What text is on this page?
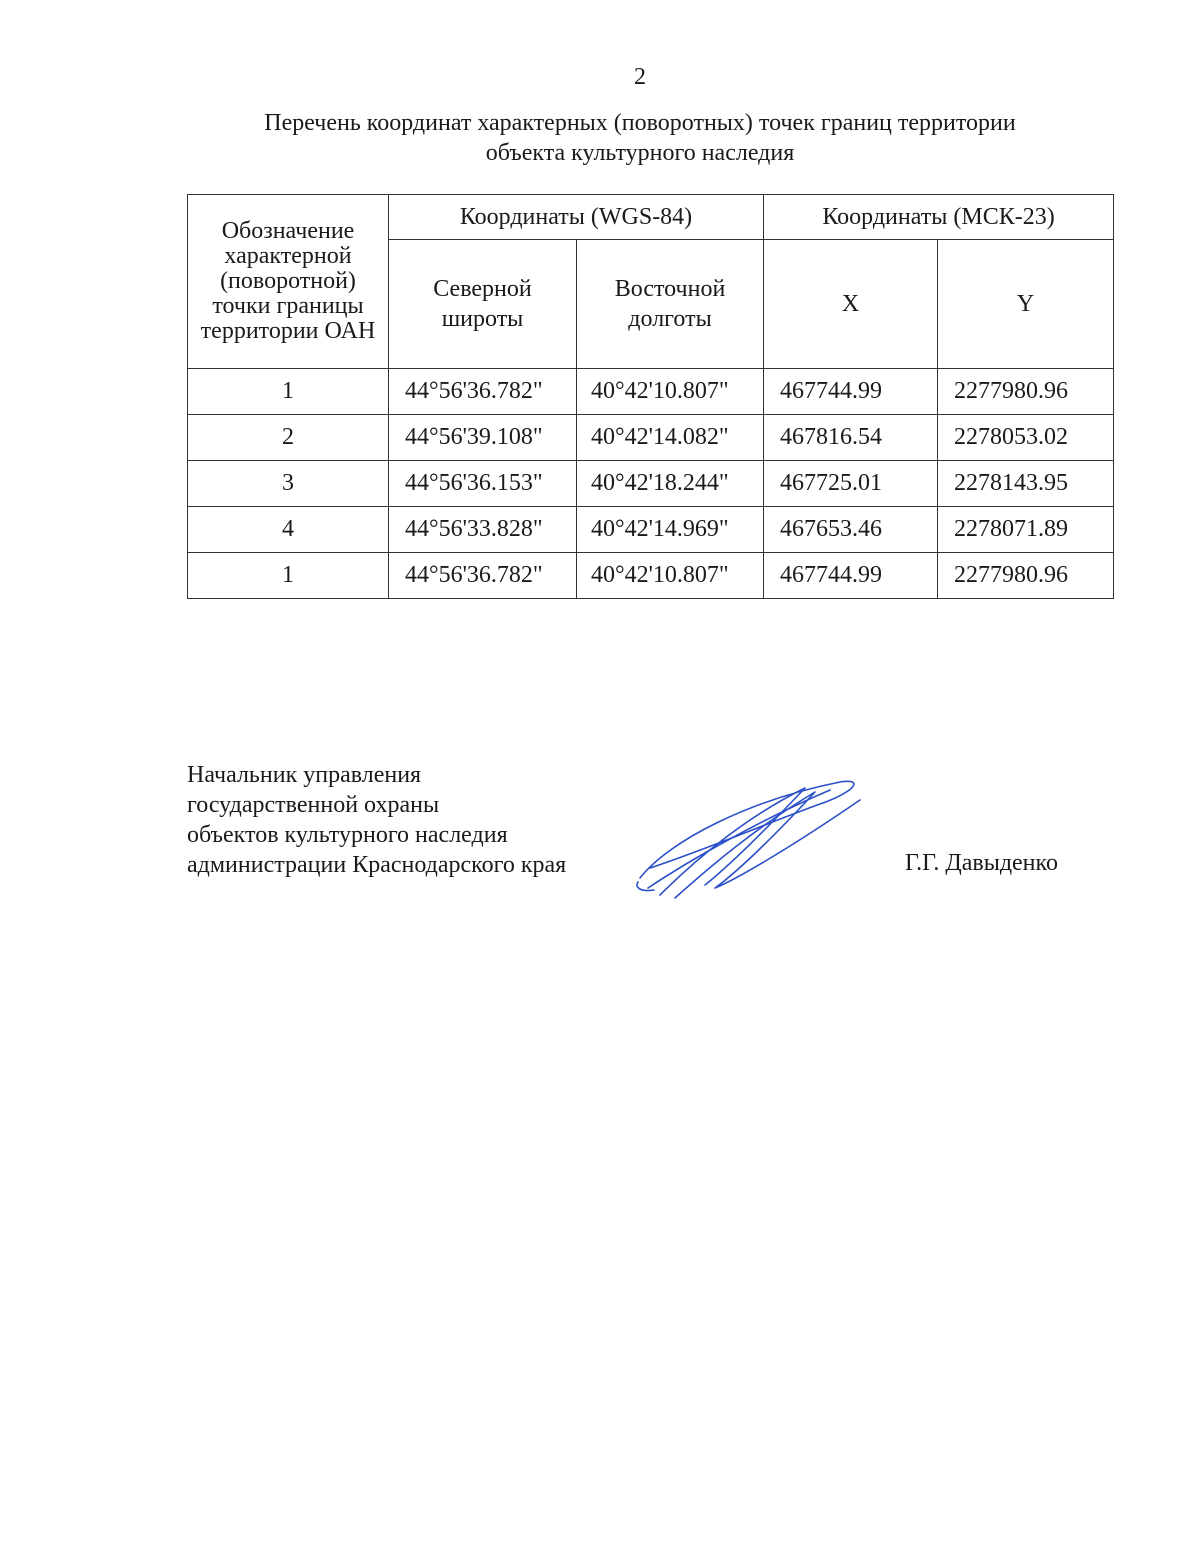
2
Перечень координат характерных (поворотных) точек границ территории
объекта культурного наследия
Обозначение характерной (поворотной) точки границы территории ОАН	Координаты (WGS-84)		Координаты (МСК-23)	
	Северной широты	Восточной долготы	X	Y
1	44°56'36.782"	40°42'10.807"	467744.99	2277980.96
2	44°56'39.108"	40°42'14.082"	467816.54	2278053.02
3	44°56'36.153"	40°42'18.244"	467725.01	2278143.95
4	44°56'33.828"	40°42'14.969"	467653.46	2278071.89
1	44°56'36.782"	40°42'10.807"	467744.99	2277980.96
Начальник управления
государственной охраны
объектов культурного наследия
администрации Краснодарского края	Г.Г. Давыденко
